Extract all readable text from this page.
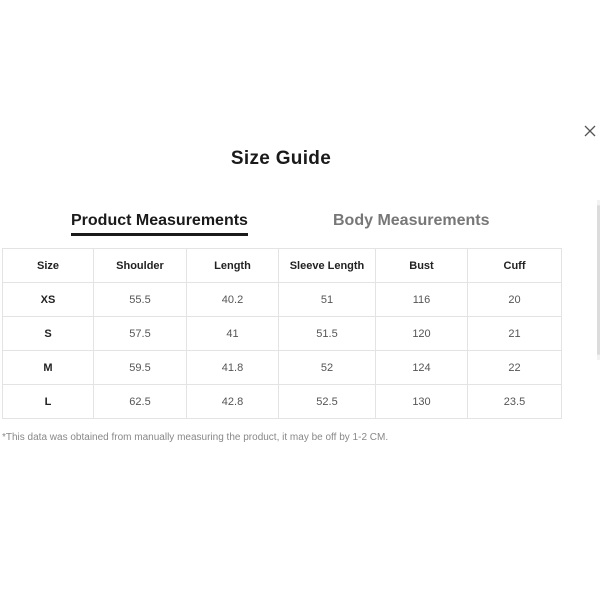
Size Guide
Product Measurements	Body Measurements
Size	Shoulder	Length	Sleeve Length	Bust	Cuff
XS	55.5	40.2	51	116	20
S	57.5	41	51.5	120	21
M	59.5	41.8	52	124	22
L	62.5	42.8	52.5	130	23.5
*This data was obtained from manually measuring the product, it may be off by 1-2 CM.
